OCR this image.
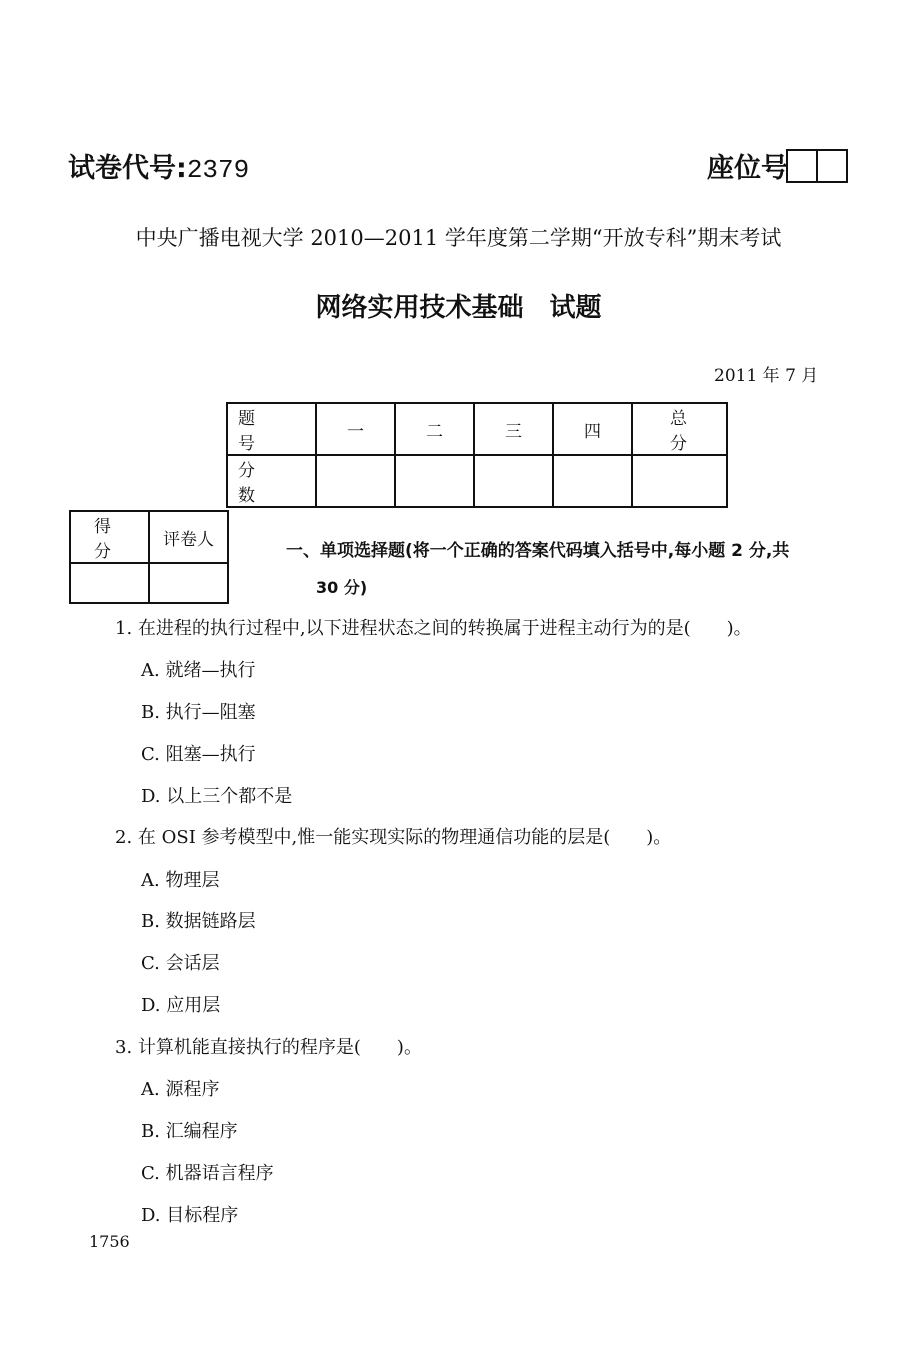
试卷代号:2379	座位号
中央广播电视大学 2010—2011 学年度第二学期“开放专科”期末考试
网络实用技术基础　试题
2011 年 7 月
题 号	一	二	三	四	总 分
分 数					
得 分	评卷人

一、单项选择题(将一个正确的答案代码填入括号中,每小题 2 分,共
30 分)
1. 在进程的执行过程中,以下进程状态之间的转换属于进程主动行为的是(　　)。
A. 就绪—执行
B. 执行—阻塞
C. 阻塞—执行
D. 以上三个都不是
2. 在 OSI 参考模型中,惟一能实现实际的物理通信功能的层是(　　)。
A. 物理层
B. 数据链路层
C. 会话层
D. 应用层
3. 计算机能直接执行的程序是(　　)。
A. 源程序
B. 汇编程序
C. 机器语言程序
D. 目标程序
1756
